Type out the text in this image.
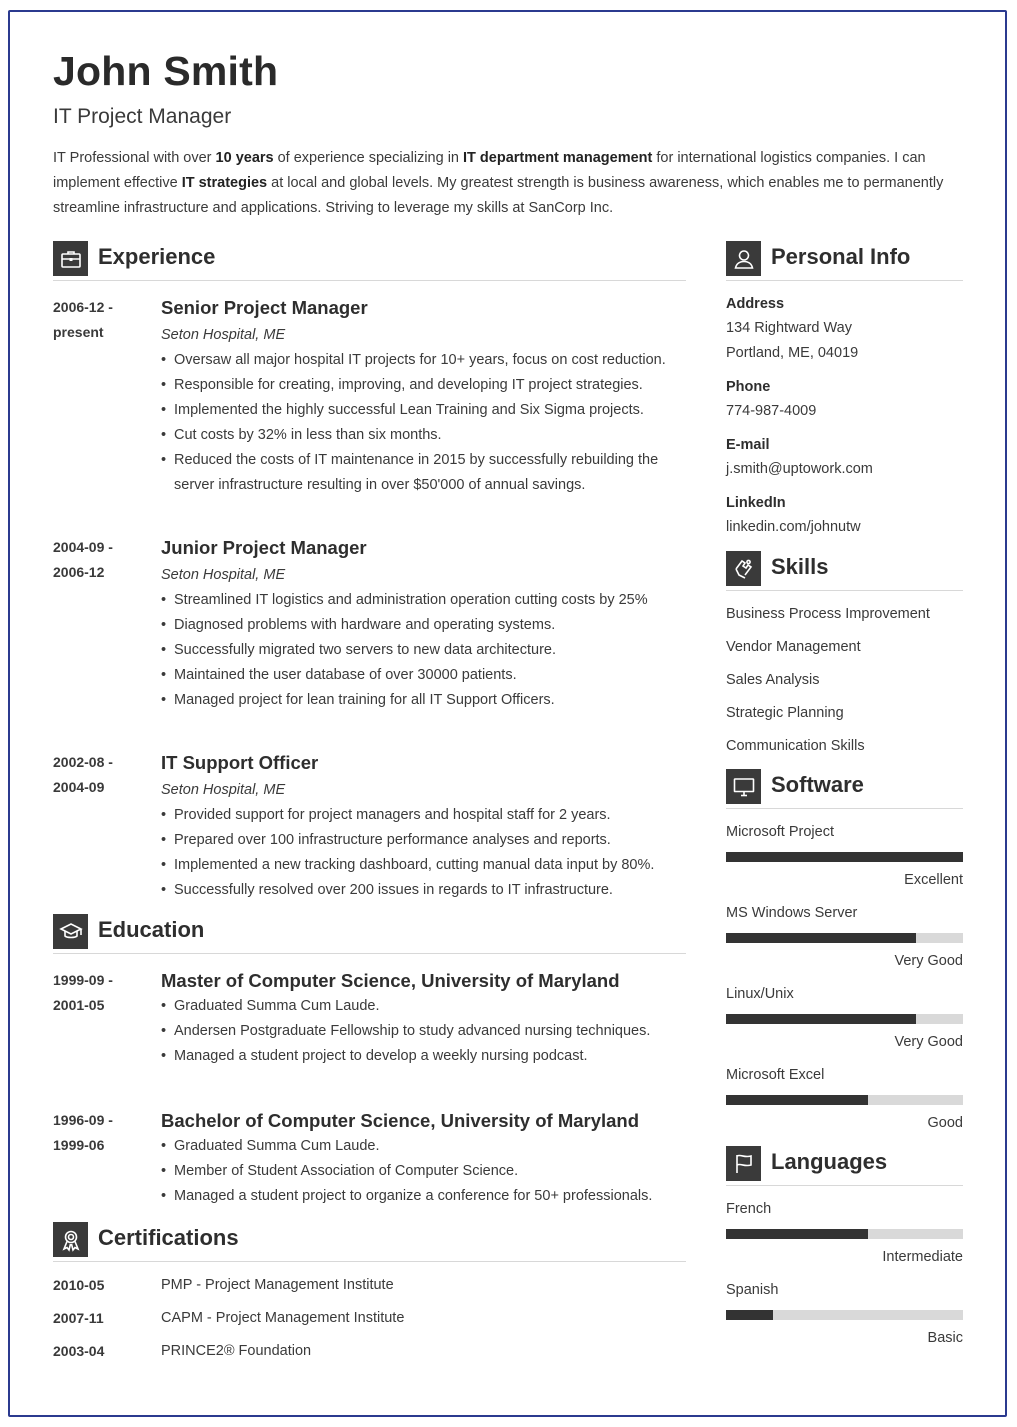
John Smith
IT Project Manager
IT Professional with over 10 years of experience specializing in IT department management for international logistics companies. I can implement effective IT strategies at local and global levels. My greatest strength is business awareness, which enables me to permanently streamline infrastructure and applications. Striving to leverage my skills at SanCorp Inc.
Experience
2006-12 -
present
Senior Project Manager
Seton Hospital, ME
• Oversaw all major hospital IT projects for 10+ years, focus on cost reduction.
• Responsible for creating, improving, and developing IT project strategies.
• Implemented the highly successful Lean Training and Six Sigma projects.
• Cut costs by 32% in less than six months.
• Reduced the costs of IT maintenance in 2015 by successfully rebuilding the server infrastructure resulting in over $50'000 of annual savings.
2004-09 -
2006-12
Junior Project Manager
Seton Hospital, ME
• Streamlined IT logistics and administration operation cutting costs by 25%
• Diagnosed problems with hardware and operating systems.
• Successfully migrated two servers to new data architecture.
• Maintained the user database of over 30000 patients.
• Managed project for lean training for all IT Support Officers.
2002-08 -
2004-09
IT Support Officer
Seton Hospital, ME
• Provided support for project managers and hospital staff for 2 years.
• Prepared over 100 infrastructure performance analyses and reports.
• Implemented a new tracking dashboard, cutting manual data input by 80%.
• Successfully resolved over 200 issues in regards to IT infrastructure.
Education
1999-09 -
2001-05
Master of Computer Science, University of Maryland
• Graduated Summa Cum Laude.
• Andersen Postgraduate Fellowship to study advanced nursing techniques.
• Managed a student project to develop a weekly nursing podcast.
1996-09 -
1999-06
Bachelor of Computer Science, University of Maryland
• Graduated Summa Cum Laude.
• Member of Student Association of Computer Science.
• Managed a student project to organize a conference for 50+ professionals.
Certifications
2010-05	PMP - Project Management Institute
2007-11	CAPM - Project Management Institute
2003-04	PRINCE2® Foundation
Personal Info
Address
134 Rightward Way
Portland, ME, 04019
Phone
774-987-4009
E-mail
j.smith@uptowork.com
LinkedIn
linkedin.com/johnutw
Skills
Business Process Improvement
Vendor Management
Sales Analysis
Strategic Planning
Communication Skills
Software
Microsoft Project
Excellent
MS Windows Server
Very Good
Linux/Unix
Very Good
Microsoft Excel
Good
Languages
French
Intermediate
Spanish
Basic
